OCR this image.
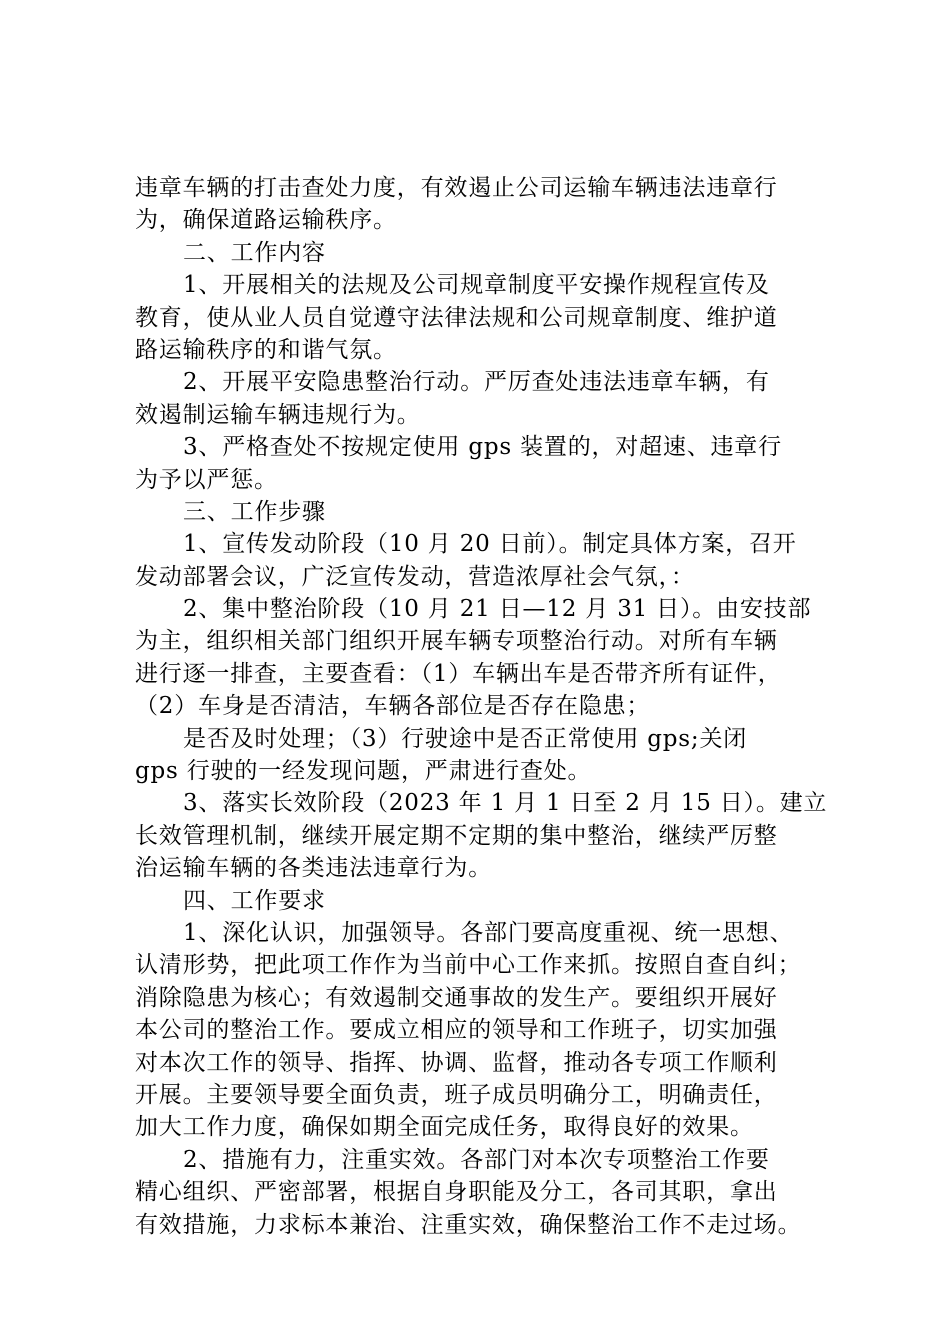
违章车辆的打击查处力度，有效遏止公司运输车辆违法违章行
为，确保道路运输秩序。
二、工作内容
1、开展相关的法规及公司规章制度平安操作规程宣传及
教育，使从业人员自觉遵守法律法规和公司规章制度、维护道
路运输秩序的和谐气氛。
2、开展平安隐患整治行动。严厉查处违法违章车辆，有
效遏制运输车辆违规行为。
3、严格查处不按规定使用 gps 装置的，对超速、违章行
为予以严惩。
三、工作步骤
1、宣传发动阶段（10 月 20 日前）。制定具体方案，召开
发动部署会议，广泛宣传发动，营造浓厚社会气氛，：
2、集中整治阶段（10 月 21 日—12 月 31 日）。由安技部
为主，组织相关部门组织开展车辆专项整治行动。对所有车辆
进行逐一排查，主要查看：（1）车辆出车是否带齐所有证件，
（2）车身是否清洁，车辆各部位是否存在隐患；
是否及时处理；（3）行驶途中是否正常使用 gps;关闭
gps 行驶的一经发现问题，严肃进行查处。
3、落实长效阶段（2023 年 1 月 1 日至 2 月 15 日）。建立
长效管理机制，继续开展定期不定期的集中整治，继续严厉整
治运输车辆的各类违法违章行为。
四、工作要求
1、深化认识，加强领导。各部门要高度重视、统一思想、
认清形势，把此项工作作为当前中心工作来抓。按照自查自纠；
消除隐患为核心；有效遏制交通事故的发生产。要组织开展好
本公司的整治工作。要成立相应的领导和工作班子，切实加强
对本次工作的领导、指挥、协调、监督，推动各专项工作顺利
开展。主要领导要全面负责，班子成员明确分工，明确责任，
加大工作力度，确保如期全面完成任务，取得良好的效果。
2、措施有力，注重实效。各部门对本次专项整治工作要
精心组织、严密部署，根据自身职能及分工，各司其职，拿出
有效措施，力求标本兼治、注重实效，确保整治工作不走过场。
